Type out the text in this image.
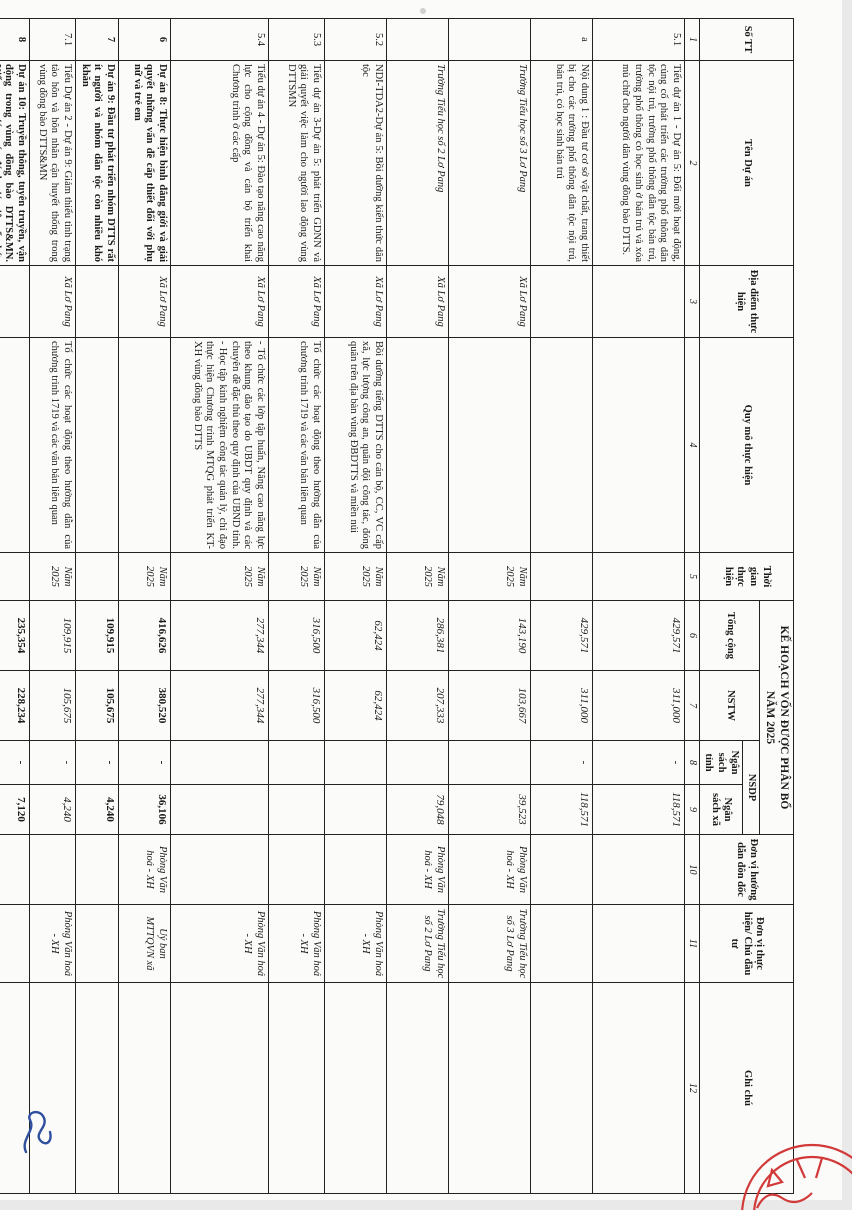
Số TT	Tên Dự án	Địa điểm thực hiện	Quy mô thực hiện	Thời gian thực hiện	KẾ HOẠCH VỐN ĐƯỢC PHÂN BỔ
NĂM 2025				Đơn vị hướng dẫn đôn đốc	Đơn vị thực hiện/ Chủ đầu tư	Ghi chú
					Tổng cộng	NSTW	NSDP				
							Ngân sách tỉnh	Ngân sách xã			
1	2	3	4	5	6	7	8	9	10	11	12
5.1	Tiểu dự án 1 - Dự án 5: Đổi mới hoạt động, củng cố phát triển các trường phổ thông dân tộc nội trú, trường phổ thông dân tộc bán trú, trường phổ thông có học sinh ở bán trú và xóa mù chữ cho người dân vùng đồng bào DTTS.				429,571	311,000	-	118,571			
a	Nội dung 1 : Đầu tư cơ sở vật chất, trang thiết bị cho các trường phổ thông dân tộc nội trú, bán trú, có học sinh bán trú				429,571	311,000	-	118,571			
	Trường Tiểu học số 3 Lơ Pang	Xã Lơ Pang		Năm 2025	143,190	103,667		39,523	Phòng Văn hoá - XH	Trường Tiểu học số 3 Lơ Pang	
	Trường Tiểu học số 2 Lơ Pang	Xã Lơ Pang		Năm 2025	286,381	207,333		79,048	Phòng Văn hoá - XH	Trường Tiểu học số 2 Lơ Pang	
5.2	NDI-TDA2-Dự án 5: Bồi dưỡng kiến thức dân tộc	Xã Lơ Pang	Bồi dưỡng tiếng DTTS cho cán bộ, CC, VC cấp xã, lực lượng công an, quân đội công tác, đóng quân trên địa bàn vùng ĐBDTTS và miền núi	Năm 2025	62,424	62,424				Phòng Văn hoá - XH	
5.3	Tiểu dự án 3-Dự án 5: phát triển GDNN và giải quyết việc làm cho người lao động vùng DTTSMN	Xã Lơ Pang	Tổ chức các hoạt động theo hướng dẫn của chương trình 1719 và các văn bản liên quan	Năm 2025	316,500	316,500				Phòng Văn hoá - XH	
5.4	Tiểu dự án 4 - Dự án 5: Đào tạo nâng cao năng lực cho cộng đồng và cán bộ triển khai Chương trình ở các cấp	Xã Lơ Pang	- Tổ chức các lớp tập huấn, Nâng cao năng lực theo khung đào tạo do UBDT quy định và các chuyên đề đặc thù theo quy định của UBND tỉnh. - Học tập kinh nghiệm công tác quản lý, chỉ đạo thực hiện Chương trình MTQG phát triển KT-XH vùng đồng bào DTTS	Năm 2025	277,344	277,344				Phòng Văn hoá - XH	
6	Dự án 8: Thực hiện bình đẳng giới và giải quyết những vấn đề cấp thiết đối với phụ nữ và trẻ em	Xã Lơ Pang		Năm 2025	416,626	380,520	-	36,106	Phòng Văn hoá - XH	Uỷ ban MTTQVN xã	
7	Dự án 9: Đầu tư phát triển nhóm DTTS rất ít người và nhóm dân tộc còn nhiều khó khăn				109,915	105,675	-	4,240			
7.1	Tiểu Dự án 2 - Dự án 9: Giảm thiểu tình trạng tảo hôn và hôn nhân cận huyết thống trong vùng đồng bào DTTS&MN	Xã Lơ Pang	Tổ chức các hoạt động theo hướng dẫn của chương trình 1719 và các văn bản liên quan	Năm 2025	109,915	105,675	-	4,240		Phòng Văn hoá - XH	
8	Dự án 10: Truyền thông, tuyên truyền, vận động trong vùng đồng bào DTTS&MN.				235,354	228,234	-	7,120			
